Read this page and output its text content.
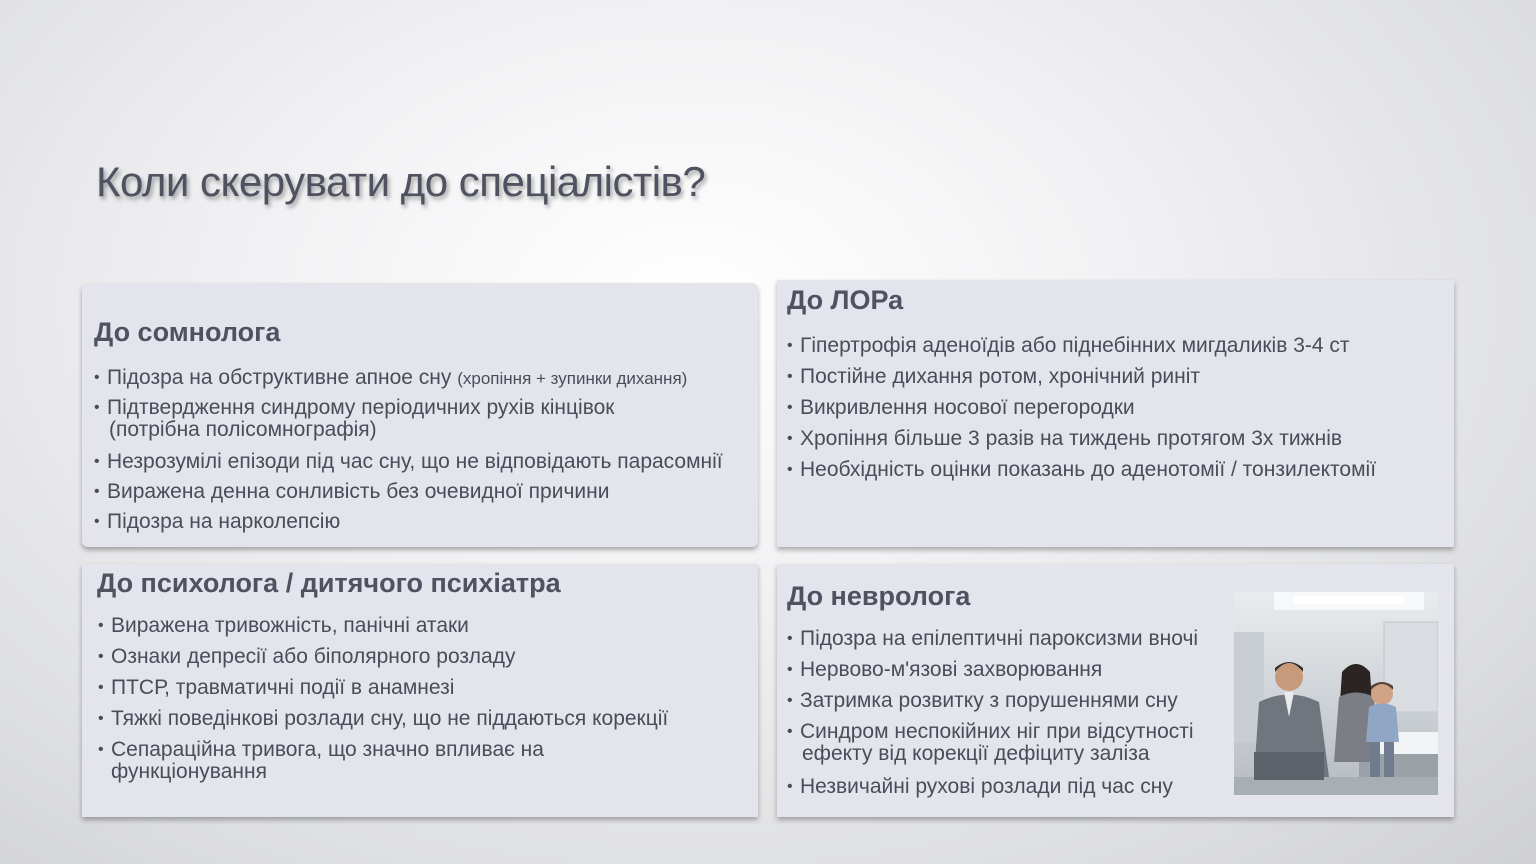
Коли скерувати до спеціалістів?
До сомнолога
• Підозра на обструктивне апное сну (хропіння + зупинки дихання)
• Підтвердження синдрому періодичних рухів кінцівок
(потрібна полісомнографія)
• Незрозумілі епізоди під час сну, що не відповідають парасомнії
• Виражена денна сонливість без очевидної причини
• Підозра на нарколепсію
До ЛОРа
• Гіпертрофія аденоїдів або піднебінних мигдаликів 3-4 ст
• Постійне дихання ротом, хронічний риніт
• Викривлення носової перегородки
• Хропіння більше 3 разів на тиждень протягом 3х тижнів
• Необхідність оцінки показань до аденотомії / тонзилектомії
До психолога / дитячого психіатра
• Виражена тривожність, панічні атаки
• Ознаки депресії або біполярного розладу
• ПТСР, травматичні події в анамнезі
• Тяжкі поведінкові розлади сну, що не піддаються корекції
• Сепараційна тривога, що значно впливає на
функціонування
До невролога
• Підозра на епілептичні пароксизми вночі
• Нервово-м'язові захворювання
• Затримка розвитку з порушеннями сну
• Синдром неспокійних ніг при відсутності
ефекту від корекції дефіциту заліза
• Незвичайні рухові розлади під час сну
